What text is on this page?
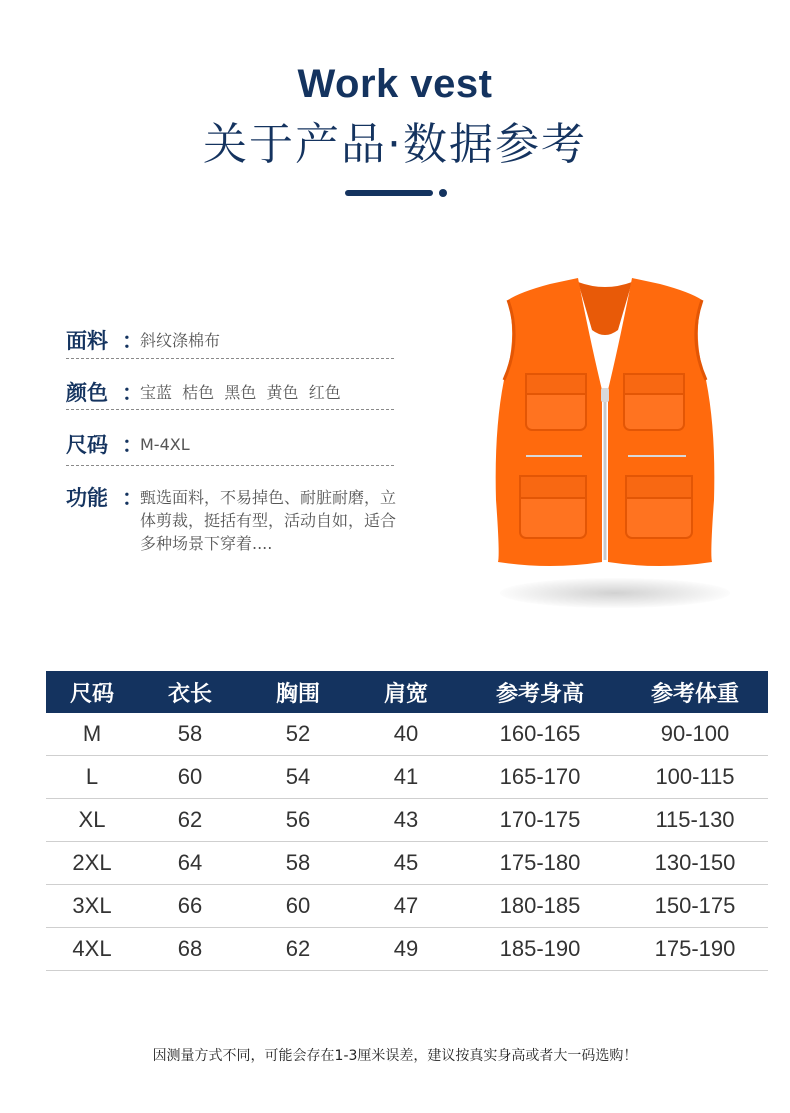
Work vest
关于产品·数据参考
面料 ：
斜纹涤棉布
颜色 ：
宝蓝  桔色  黑色  黄色  红色
尺码 ：
M-4XL
功能 ：
甄选面料，不易掉色、耐脏耐磨，立体剪裁，挺括有型，活动自如，适合多种场景下穿着....
尺码	衣长	胸围	肩宽	参考身高	参考体重
M	58	52	40	160-165	90-100
L	60	54	41	165-170	100-115
XL	62	56	43	170-175	115-130
2XL	64	58	45	175-180	130-150
3XL	66	60	47	180-185	150-175
4XL	68	62	49	185-190	175-190
因测量方式不同，可能会存在1-3厘米误差，建议按真实身高或者大一码选购！
